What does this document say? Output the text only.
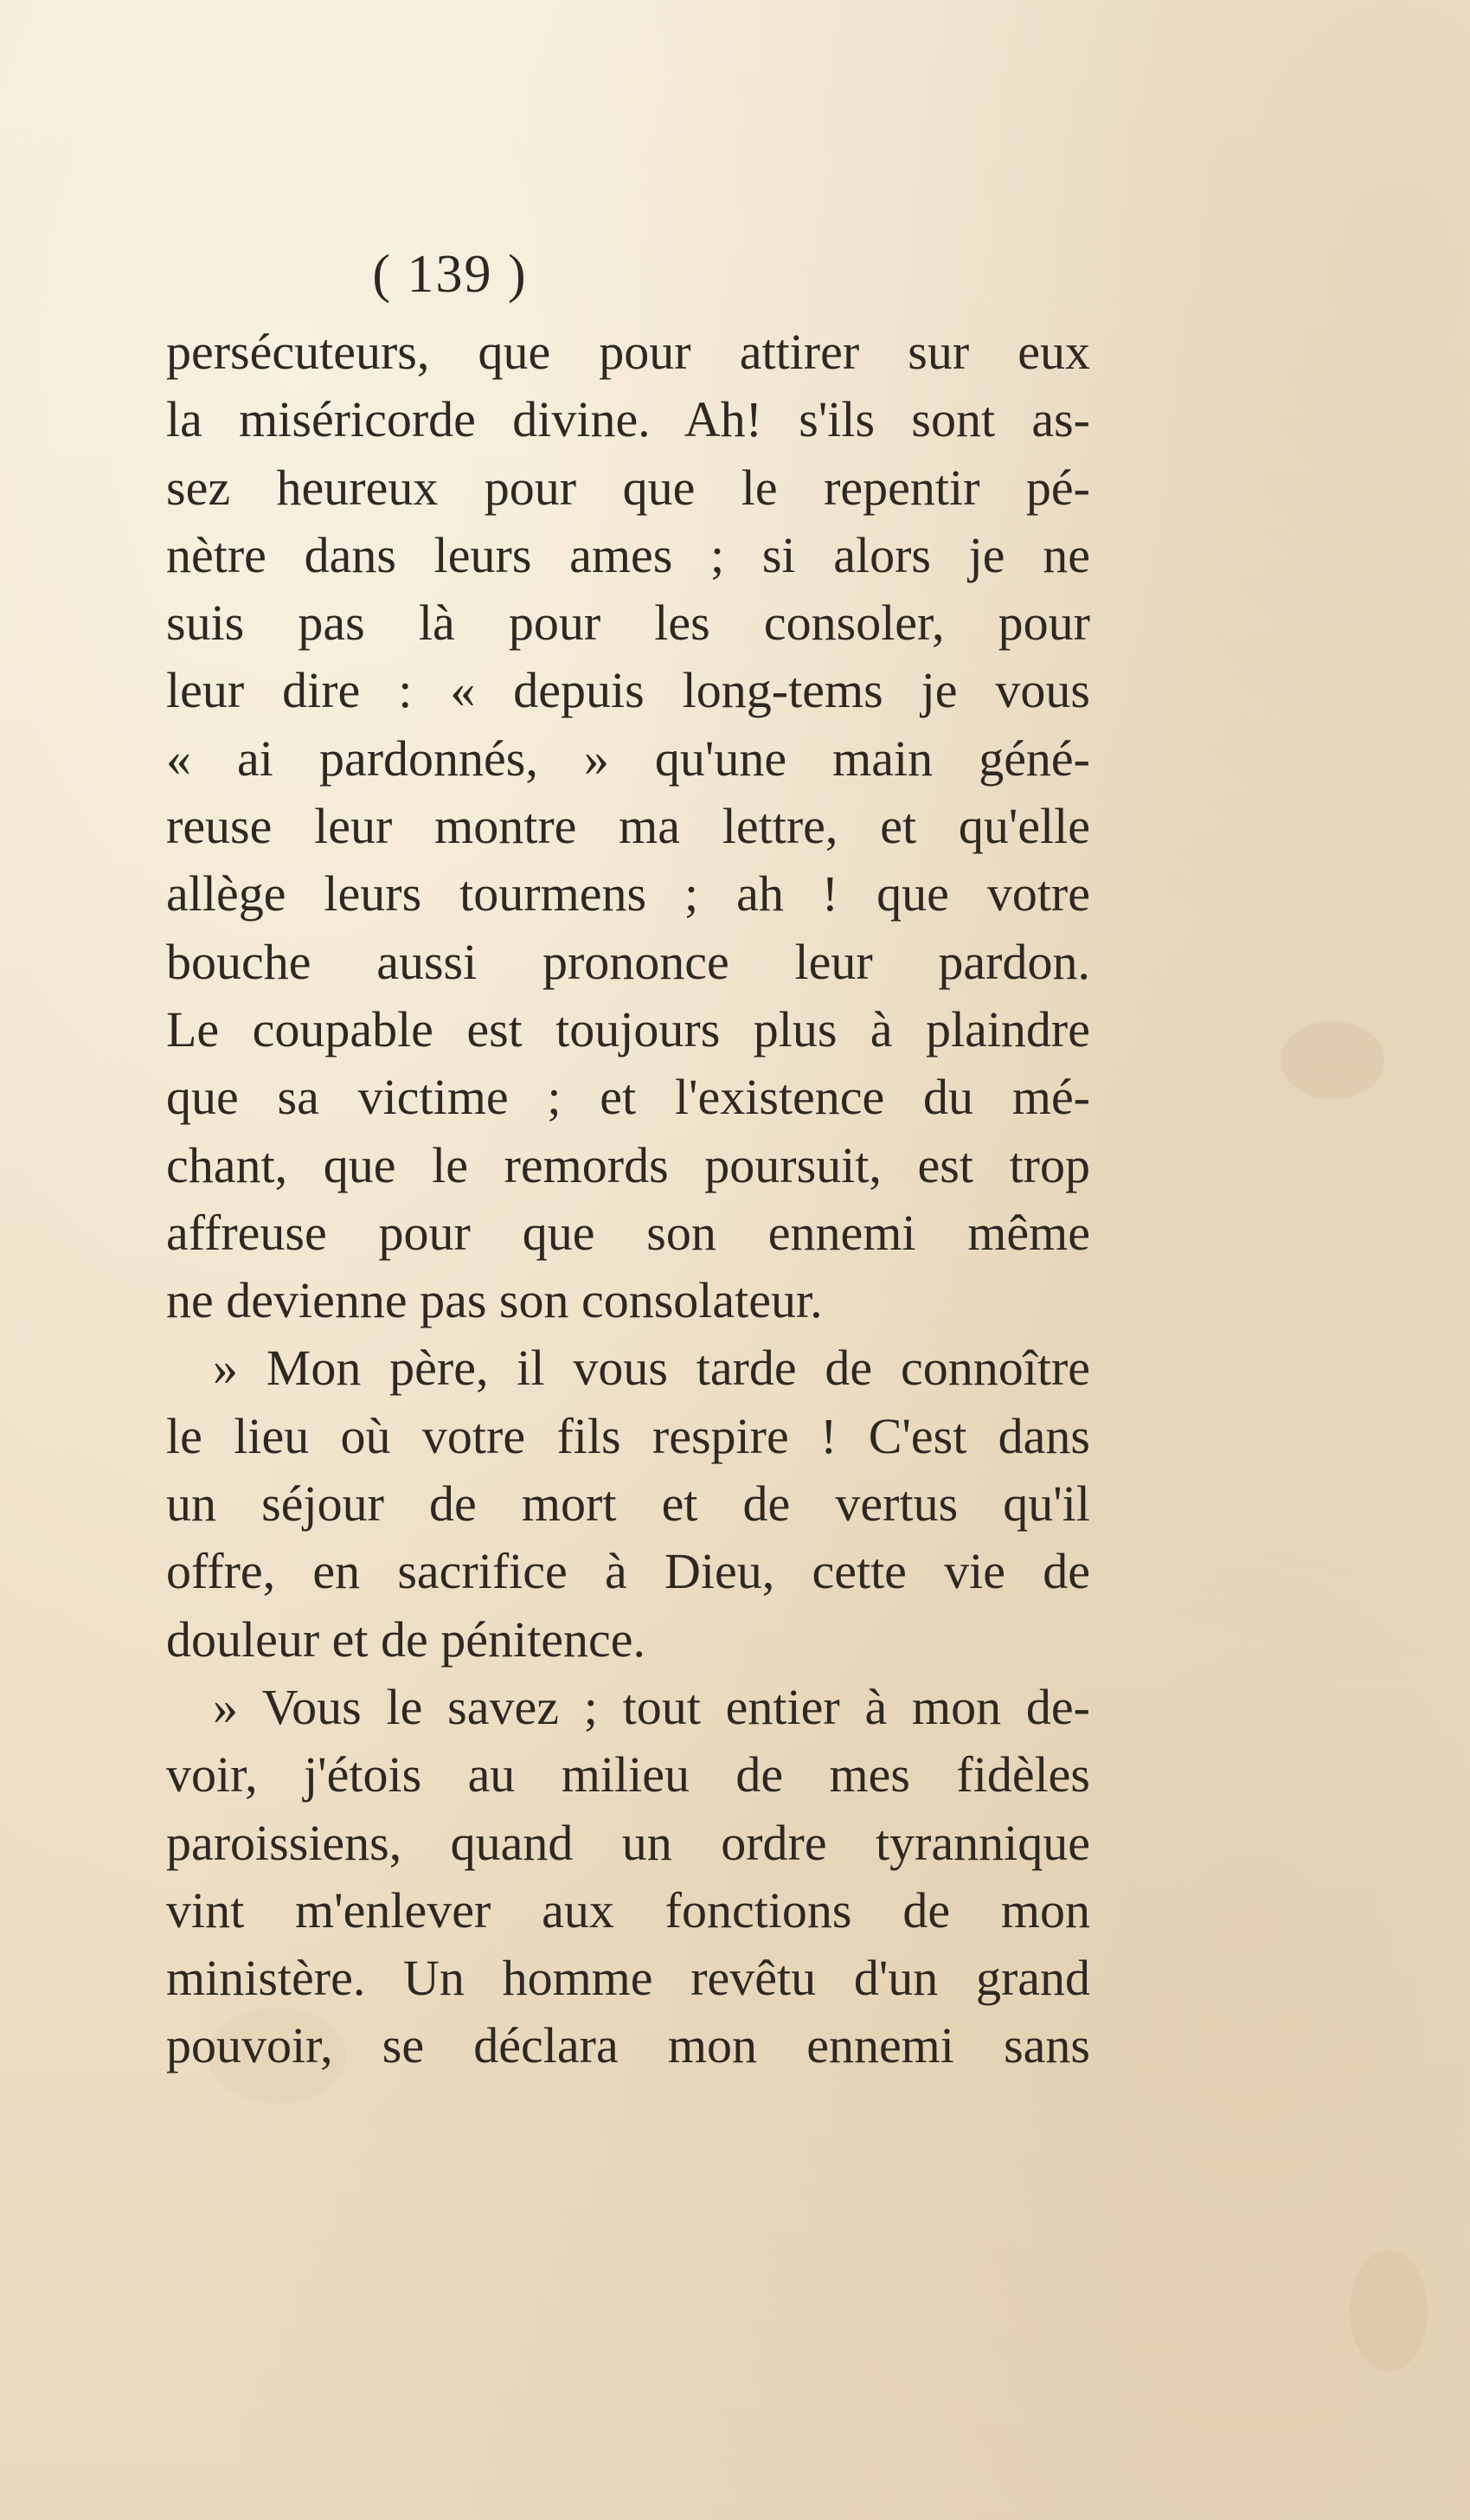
( 139 )
persécuteurs, que pour attirer sur eux
la miséricorde divine. Ah! s'ils sont as-
sez heureux pour que le repentir pé-
nètre dans leurs ames ; si alors je ne
suis pas là pour les consoler, pour
leur dire : « depuis long-tems je vous
« ai pardonnés, » qu'une main géné-
reuse leur montre ma lettre, et qu'elle
allège leurs tourmens ; ah ! que votre
bouche aussi prononce leur pardon.
Le coupable est toujours plus à plaindre
que sa victime ; et l'existence du mé-
chant, que le remords poursuit, est trop
affreuse pour que son ennemi même
ne devienne pas son consolateur.
» Mon père, il vous tarde de connoître
le lieu où votre fils respire ! C'est dans
un séjour de mort et de vertus qu'il
offre, en sacrifice à Dieu, cette vie de
douleur et de pénitence.
» Vous le savez ; tout entier à mon de-
voir, j'étois au milieu de mes fidèles
paroissiens, quand un ordre tyrannique
vint m'enlever aux fonctions de mon
ministère. Un homme revêtu d'un grand
pouvoir, se déclara mon ennemi sans
